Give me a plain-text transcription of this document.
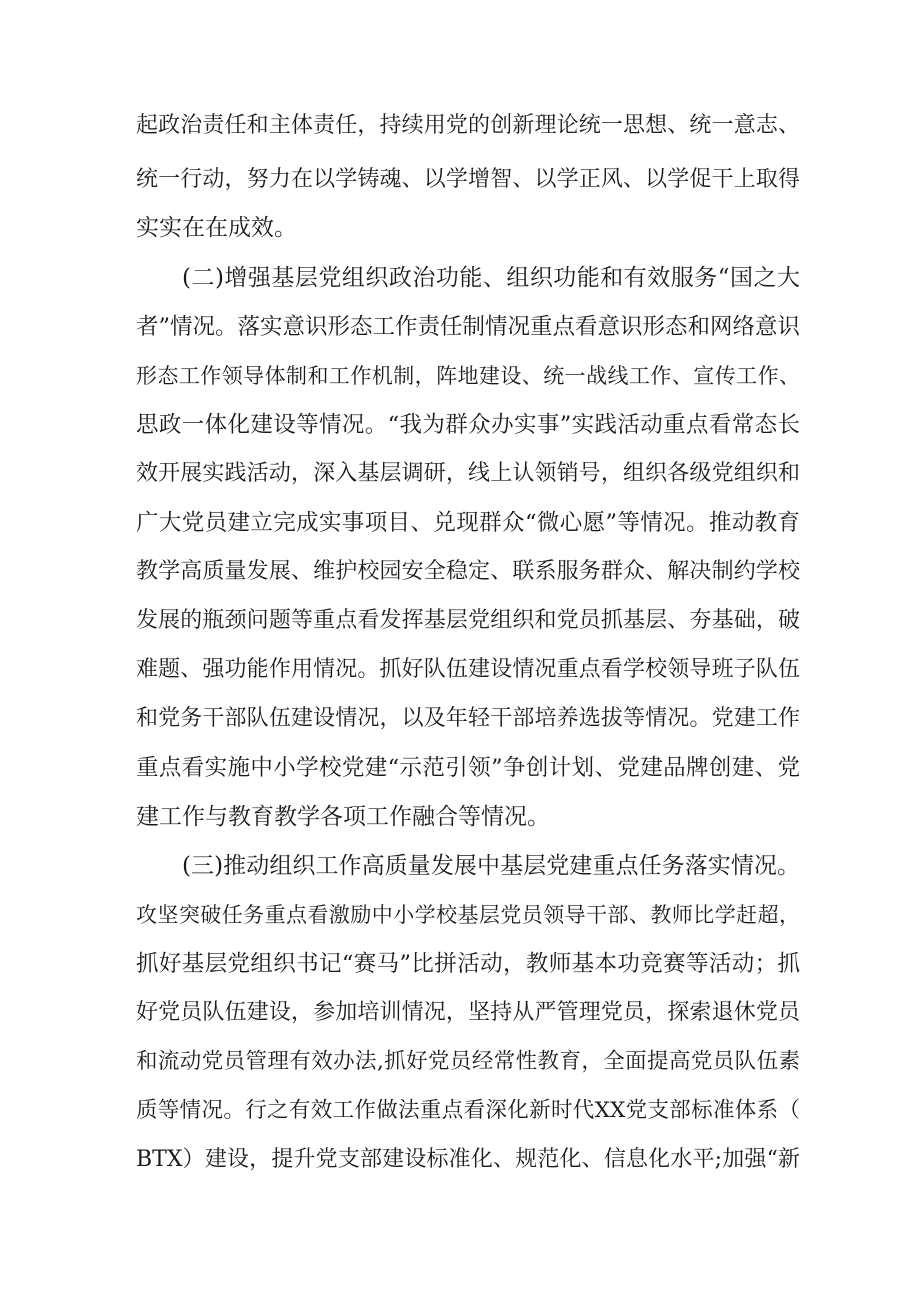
起政治责任和主体责任，持续用党的创新理论统一思想、统一意志、
统一行动，努力在以学铸魂、以学增智、以学正风、以学促干上取得
实实在在成效。
(二)增强基层党组织政治功能、组织功能和有效服务“国之大
者”情况。落实意识形态工作责任制情况重点看意识形态和网络意识
形态工作领导体制和工作机制，阵地建设、统一战线工作、宣传工作、
思政一体化建设等情况。“我为群众办实事”实践活动重点看常态长
效开展实践活动，深入基层调研，线上认领销号，组织各级党组织和
广大党员建立完成实事项目、兑现群众“微心愿”等情况。推动教育
教学高质量发展、维护校园安全稳定、联系服务群众、解决制约学校
发展的瓶颈问题等重点看发挥基层党组织和党员抓基层、夯基础，破
难题、强功能作用情况。抓好队伍建设情况重点看学校领导班子队伍
和党务干部队伍建设情况，以及年轻干部培养选拔等情况。党建工作
重点看实施中小学校党建“示范引领”争创计划、党建品牌创建、党
建工作与教育教学各项工作融合等情况。
(三)推动组织工作高质量发展中基层党建重点任务落实情况。
攻坚突破任务重点看激励中小学校基层党员领导干部、教师比学赶超，
抓好基层党组织书记“赛马”比拼活动，教师基本功竞赛等活动；抓
好党员队伍建设，参加培训情况，坚持从严管理党员，探索退休党员
和流动党员管理有效办法,抓好党员经常性教育，全面提高党员队伍素
质等情况。行之有效工作做法重点看深化新时代XX党支部标准体系（
BTX）建设，提升党支部建设标准化、规范化、信息化水平;加强“新
